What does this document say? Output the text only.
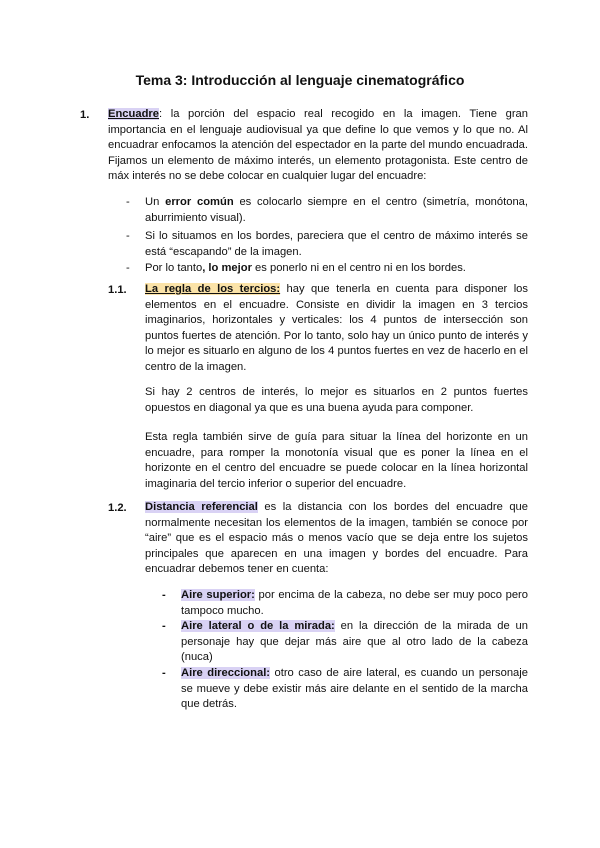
Tema 3: Introducción al lenguaje cinematográfico
1. Encuadre: la porción del espacio real recogido en la imagen. Tiene gran importancia en el lenguaje audiovisual ya que define lo que vemos y lo que no. Al encuadrar enfocamos la atención del espectador en la parte del mundo encuadrada. Fijamos un elemento de máximo interés, un elemento protagonista. Este centro de máx interés no se debe colocar en cualquier lugar del encuadre:
- Un error común es colocarlo siempre en el centro (simetría, monótona, aburrimiento visual).
- Si lo situamos en los bordes, pareciera que el centro de máximo interés se está “escapando” de la imagen.
- Por lo tanto, lo mejor es ponerlo ni en el centro ni en los bordes.
1.1. La regla de los tercios: hay que tenerla en cuenta para disponer los elementos en el encuadre. Consiste en dividir la imagen en 3 tercios imaginarios, horizontales y verticales: los 4 puntos de intersección son puntos fuertes de atención. Por lo tanto, solo hay un único punto de interés y lo mejor es situarlo en alguno de los 4 puntos fuertes en vez de hacerlo en el centro de la imagen.
Si hay 2 centros de interés, lo mejor es situarlos en 2 puntos fuertes opuestos en diagonal ya que es una buena ayuda para componer.
Esta regla también sirve de guía para situar la línea del horizonte en un encuadre, para romper la monotonía visual que es poner la línea en el horizonte en el centro del encuadre se puede colocar en la línea horizontal imaginaria del tercio inferior o superior del encuadre.
1.2. Distancia referencial es la distancia con los bordes del encuadre que normalmente necesitan los elementos de la imagen, también se conoce por “aire” que es el espacio más o menos vacío que se deja entre los sujetos principales que aparecen en una imagen y bordes del encuadre. Para encuadrar debemos tener en cuenta:
- Aire superior: por encima de la cabeza, no debe ser muy poco pero tampoco mucho.
- Aire lateral o de la mirada: en la dirección de la mirada de un personaje hay que dejar más aire que al otro lado de la cabeza (nuca)
- Aire direccional: otro caso de aire lateral, es cuando un personaje se mueve y debe existir más aire delante en el sentido de la marcha que detrás.
